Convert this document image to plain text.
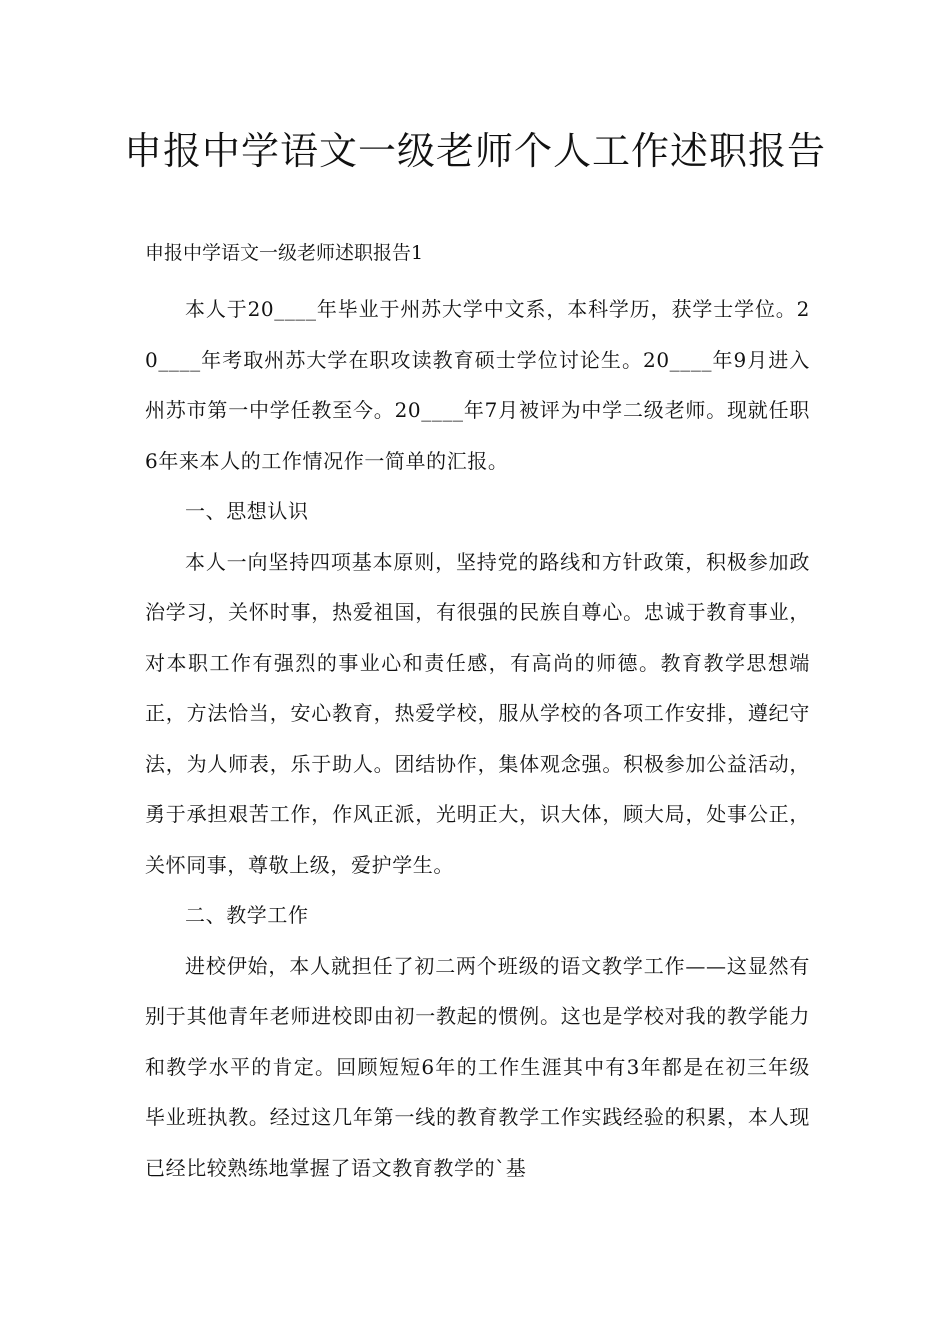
申报中学语文一级老师个人工作述职报告

申报中学语文一级老师述职报告1

本人于20____年毕业于州苏大学中文系，本科学历，获学士学位。20____年考取州苏大学在职攻读教育硕士学位讨论生。20____年9月进入州苏市第一中学任教至今。20____年7月被评为中学二级老师。现就任职6年来本人的工作情况作一简单的汇报。

一、思想认识

本人一向坚持四项基本原则，坚持党的路线和方针政策，积极参加政治学习，关怀时事，热爱祖国，有很强的民族自尊心。忠诚于教育事业，对本职工作有强烈的事业心和责任感，有高尚的师德。教育教学思想端正，方法恰当，安心教育，热爱学校，服从学校的各项工作安排，遵纪守法，为人师表，乐于助人。团结协作，集体观念强。积极参加公益活动，勇于承担艰苦工作，作风正派，光明正大，识大体，顾大局，处事公正，关怀同事，尊敬上级，爱护学生。

二、教学工作

进校伊始，本人就担任了初二两个班级的语文教学工作——这显然有别于其他青年老师进校即由初一教起的惯例。这也是学校对我的教学能力和教学水平的肯定。回顾短短6年的工作生涯其中有3年都是在初三年级毕业班执教。经过这几年第一线的教育教学工作实践经验的积累，本人现已经比较熟练地掌握了语文教育教学的`基
